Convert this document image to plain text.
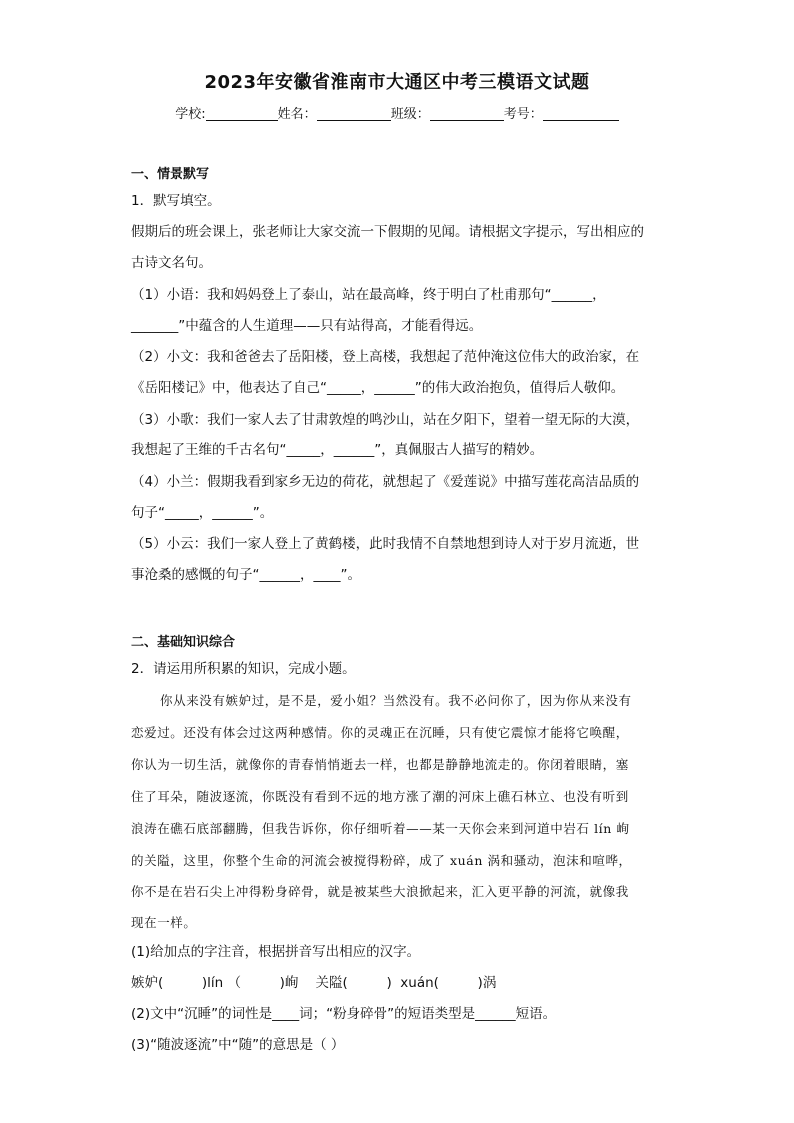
2023年安徽省淮南市大通区中考三模语文试题
学校:	姓名：	班级：	考号：
一、情景默写
1．默写填空。
假期后的班会课上，张老师让大家交流一下假期的见闻。请根据文字提示，写出相应的
古诗文名句。
（1）小语：我和妈妈登上了泰山，站在最高峰，终于明白了杜甫那句“______，
_______”中蕴含的人生道理——只有站得高，才能看得远。
（2）小文：我和爸爸去了岳阳楼，登上高楼，我想起了范仲淹这位伟大的政治家，在
《岳阳楼记》中，他表达了自己“_____，______”的伟大政治抱负，值得后人敬仰。
（3）小歌：我们一家人去了甘肃敦煌的鸣沙山，站在夕阳下，望着一望无际的大漠，
我想起了王维的千古名句“_____，______”，真佩服古人描写的精妙。
（4）小兰：假期我看到家乡无边的荷花，就想起了《爱莲说》中描写莲花高洁品质的
句子“_____，______”。
（5）小云：我们一家人登上了黄鹤楼，此时我情不自禁地想到诗人对于岁月流逝，世
事沧桑的感慨的句子“______，____”。
二、基础知识综合
2．请运用所积累的知识，完成小题。
你从来没有嫉妒过，是不是，爱小姐？当然没有。我不必问你了，因为你从来没有
恋爱过。还没有体会过这两种感情。你的灵魂正在沉睡，只有使它震惊才能将它唤醒，
你认为一切生活，就像你的青春悄悄逝去一样，也都是静静地流走的。你闭着眼睛，塞
住了耳朵，随波逐流，你既没有看到不远的地方涨了潮的河床上礁石林立、也没有听到
浪涛在礁石底部翻腾，但我告诉你，你仔细听着——某一天你会来到河道中岩石 lín 峋
的关隘，这里，你整个生命的河流会被搅得粉碎，成了 xuán 涡和骚动，泡沫和喧哗，
你不是在岩石尖上冲得粉身碎骨，就是被某些大浪掀起来，汇入更平静的河流，就像我
现在一样。
(1)给加点的字注音，根据拼音写出相应的汉字。
嫉妒(         )lín （         )峋    关隘(         )  xuán(         )涡
(2)文中“沉睡”的词性是____词；“粉身碎骨”的短语类型是______短语。
(3)“随波逐流”中“随”的意思是（ ）
